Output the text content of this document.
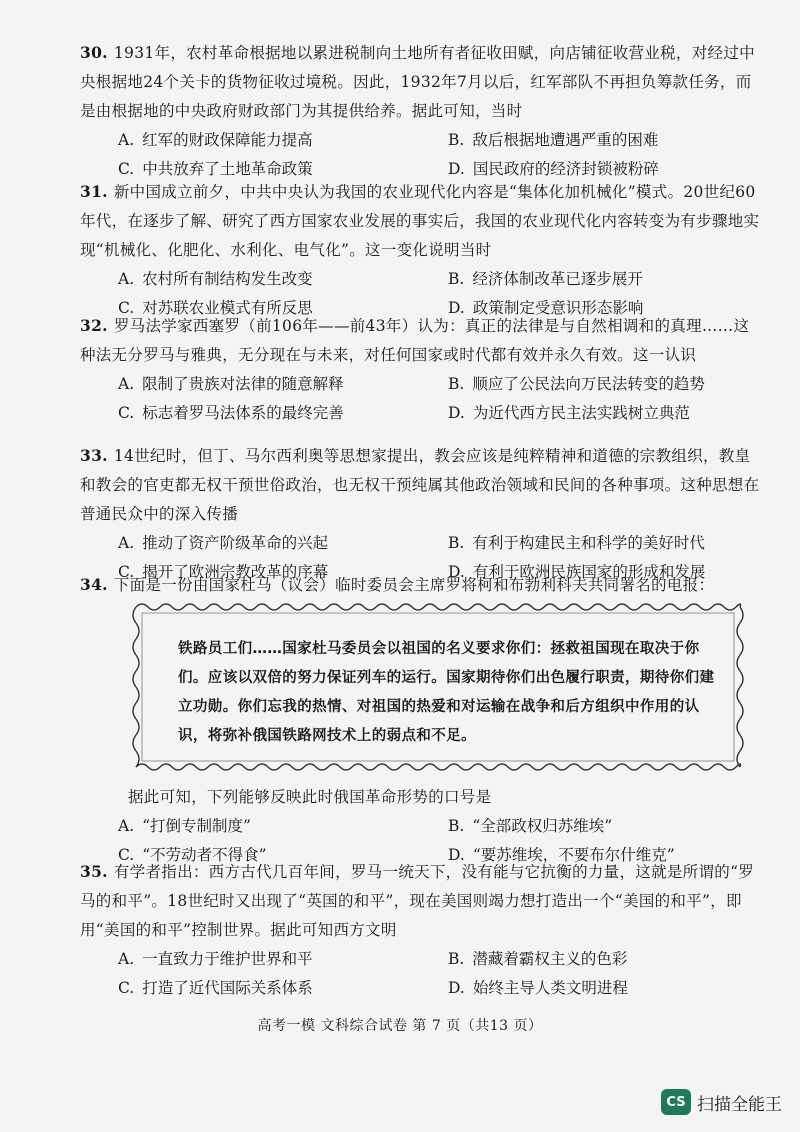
30. 1931年，农村革命根据地以累进税制向土地所有者征收田赋，向店铺征收营业税，对经过中央根据地24个关卡的货物征收过境税。因此，1932年7月以后，红军部队不再担负筹款任务，而是由根据地的中央政府财政部门为其提供给养。据此可知，当时

A. 红军的财政保障能力提高	B. 敌后根据地遭遇严重的困难
C. 中共放弃了土地革命政策	D. 国民政府的经济封锁被粉碎

31. 新中国成立前夕，中共中央认为我国的农业现代化内容是“集体化加机械化”模式。20世纪60年代，在逐步了解、研究了西方国家农业发展的事实后，我国的农业现代化内容转变为有步骤地实现“机械化、化肥化、水利化、电气化”。这一变化说明当时

A. 农村所有制结构发生改变	B. 经济体制改革已逐步展开
C. 对苏联农业模式有所反思	D. 政策制定受意识形态影响

32. 罗马法学家西塞罗（前106年——前43年）认为：真正的法律是与自然相调和的真理……这种法无分罗马与雅典，无分现在与未来，对任何国家或时代都有效并永久有效。这一认识

A. 限制了贵族对法律的随意解释	B. 顺应了公民法向万民法转变的趋势
C. 标志着罗马法体系的最终完善	D. 为近代西方民主法实践树立典范

33. 14世纪时，但丁、马尔西利奥等思想家提出，教会应该是纯粹精神和道德的宗教组织，教皇和教会的官吏都无权干预世俗政治，也无权干预纯属其他政治领域和民间的各种事项。这种思想在普通民众中的深入传播

A. 推动了资产阶级革命的兴起	B. 有利于构建民主和科学的美好时代
C. 揭开了欧洲宗教改革的序幕	D. 有利于欧洲民族国家的形成和发展

34. 下面是一份由国家杜马（议会）临时委员会主席罗将柯和布勃利科夫共同署名的电报：

铁路员工们……国家杜马委员会以祖国的名义要求你们：拯救祖国现在取决于你们。应该以双倍的努力保证列车的运行。国家期待你们出色履行职责，期待你们建立功勋。你们忘我的热情、对祖国的热爱和对运输在战争和后方组织中作用的认识，将弥补俄国铁路网技术上的弱点和不足。

据此可知，下列能够反映此时俄国革命形势的口号是

A. “打倒专制制度”	B. “全部政权归苏维埃”
C. “不劳动者不得食”	D. “要苏维埃，不要布尔什维克”

35. 有学者指出：西方古代几百年间，罗马一统天下，没有能与它抗衡的力量，这就是所谓的“罗马的和平”。18世纪时又出现了“英国的和平”，现在美国则竭力想打造出一个“美国的和平”，即用“美国的和平”控制世界。据此可知西方文明

A. 一直致力于维护世界和平	B. 潜藏着霸权主义的色彩
C. 打造了近代国际关系体系	D. 始终主导人类文明进程
高考一模 文科综合试卷 第 7 页（共13 页）
CS 扫描全能王
